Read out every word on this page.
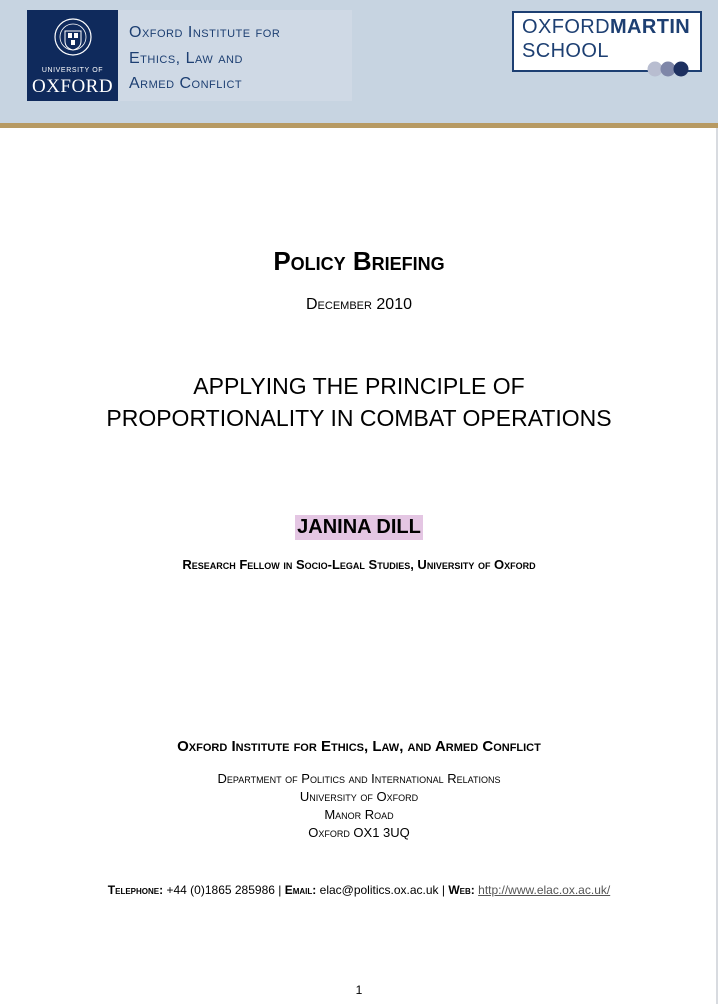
UNIVERSITY OF
OXFORD
Oxford Institute for
Ethics, Law and
Armed Conflict
OXFORDMARTIN
SCHOOL
Policy Briefing
December 2010
APPLYING THE PRINCIPLE OF
PROPORTIONALITY IN COMBAT OPERATIONS
JANINA DILL
Research Fellow in Socio-Legal Studies, University of Oxford
Oxford Institute for Ethics, Law, and Armed Conflict
Department of Politics and International Relations
University of Oxford
Manor Road
Oxford OX1 3UQ
Telephone: +44 (0)1865 285986 | Email: elac@politics.ox.ac.uk | Web: http://www.elac.ox.ac.uk/
1
